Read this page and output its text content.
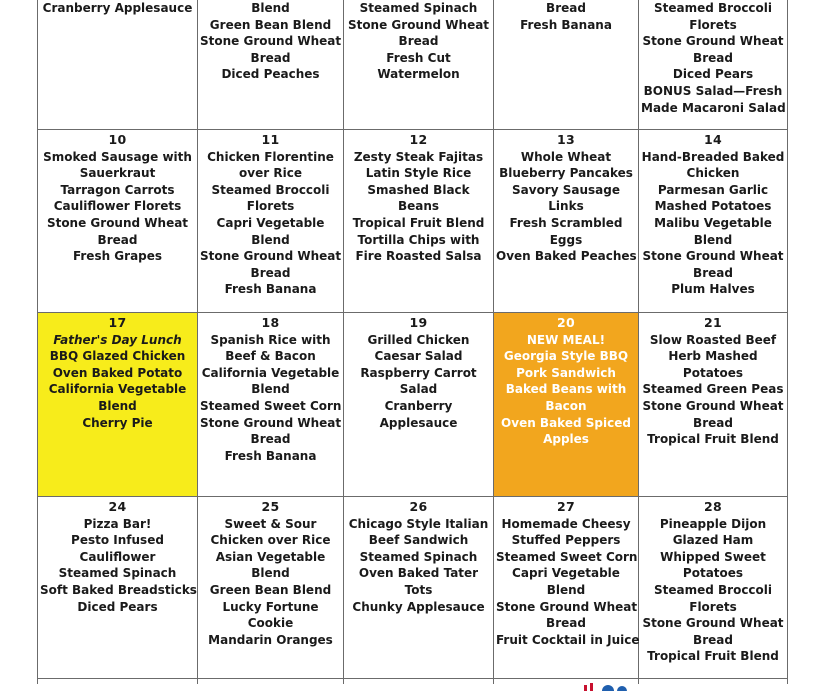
Cranberry Applesauce	Blend
Green Bean Blend
Stone Ground Wheat
Bread
Diced Peaches
Steamed Spinach
Stone Ground Wheat
Bread
Fresh Cut
Watermelon
Bread
Fresh Banana
Steamed Broccoli
Florets
Stone Ground Wheat
Bread
Diced Pears
BONUS Salad—Fresh
Made Macaroni Salad
10
Smoked Sausage with
Sauerkraut
Tarragon Carrots
Cauliflower Florets
Stone Ground Wheat
Bread
Fresh Grapes
11
Chicken Florentine
over Rice
Steamed Broccoli
Florets
Capri Vegetable
Blend
Stone Ground Wheat
Bread
Fresh Banana
12
Zesty Steak Fajitas
Latin Style Rice
Smashed Black
Beans
Tropical Fruit Blend
Tortilla Chips with
Fire Roasted Salsa
13
Whole Wheat
Blueberry Pancakes
Savory Sausage
Links
Fresh Scrambled
Eggs
Oven Baked Peaches
14
Hand-Breaded Baked
Chicken
Parmesan Garlic
Mashed Potatoes
Malibu Vegetable
Blend
Stone Ground Wheat
Bread
Plum Halves
17
Father's Day Lunch
BBQ Glazed Chicken
Oven Baked Potato
California Vegetable
Blend
Cherry Pie
18
Spanish Rice with
Beef & Bacon
California Vegetable
Blend
Steamed Sweet Corn
Stone Ground Wheat
Bread
Fresh Banana
19
Grilled Chicken
Caesar Salad
Raspberry Carrot
Salad
Cranberry
Applesauce
20
NEW MEAL!
Georgia Style BBQ
Pork Sandwich
Baked Beans with
Bacon
Oven Baked Spiced
Apples
21
Slow Roasted Beef
Herb Mashed
Potatoes
Steamed Green Peas
Stone Ground Wheat
Bread
Tropical Fruit Blend
24
Pizza Bar!
Pesto Infused
Cauliflower
Steamed Spinach
Soft Baked Breadsticks
Diced Pears
25
Sweet & Sour
Chicken over Rice
Asian Vegetable
Blend
Green Bean Blend
Lucky Fortune
Cookie
Mandarin Oranges
26
Chicago Style Italian
Beef Sandwich
Steamed Spinach
Oven Baked Tater
Tots
Chunky Applesauce
27
Homemade Cheesy
Stuffed Peppers
Steamed Sweet Corn
Capri Vegetable
Blend
Stone Ground Wheat
Bread
Fruit Cocktail in Juice
28
Pineapple Dijon
Glazed Ham
Whipped Sweet
Potatoes
Steamed Broccoli
Florets
Stone Ground Wheat
Bread
Tropical Fruit Blend
